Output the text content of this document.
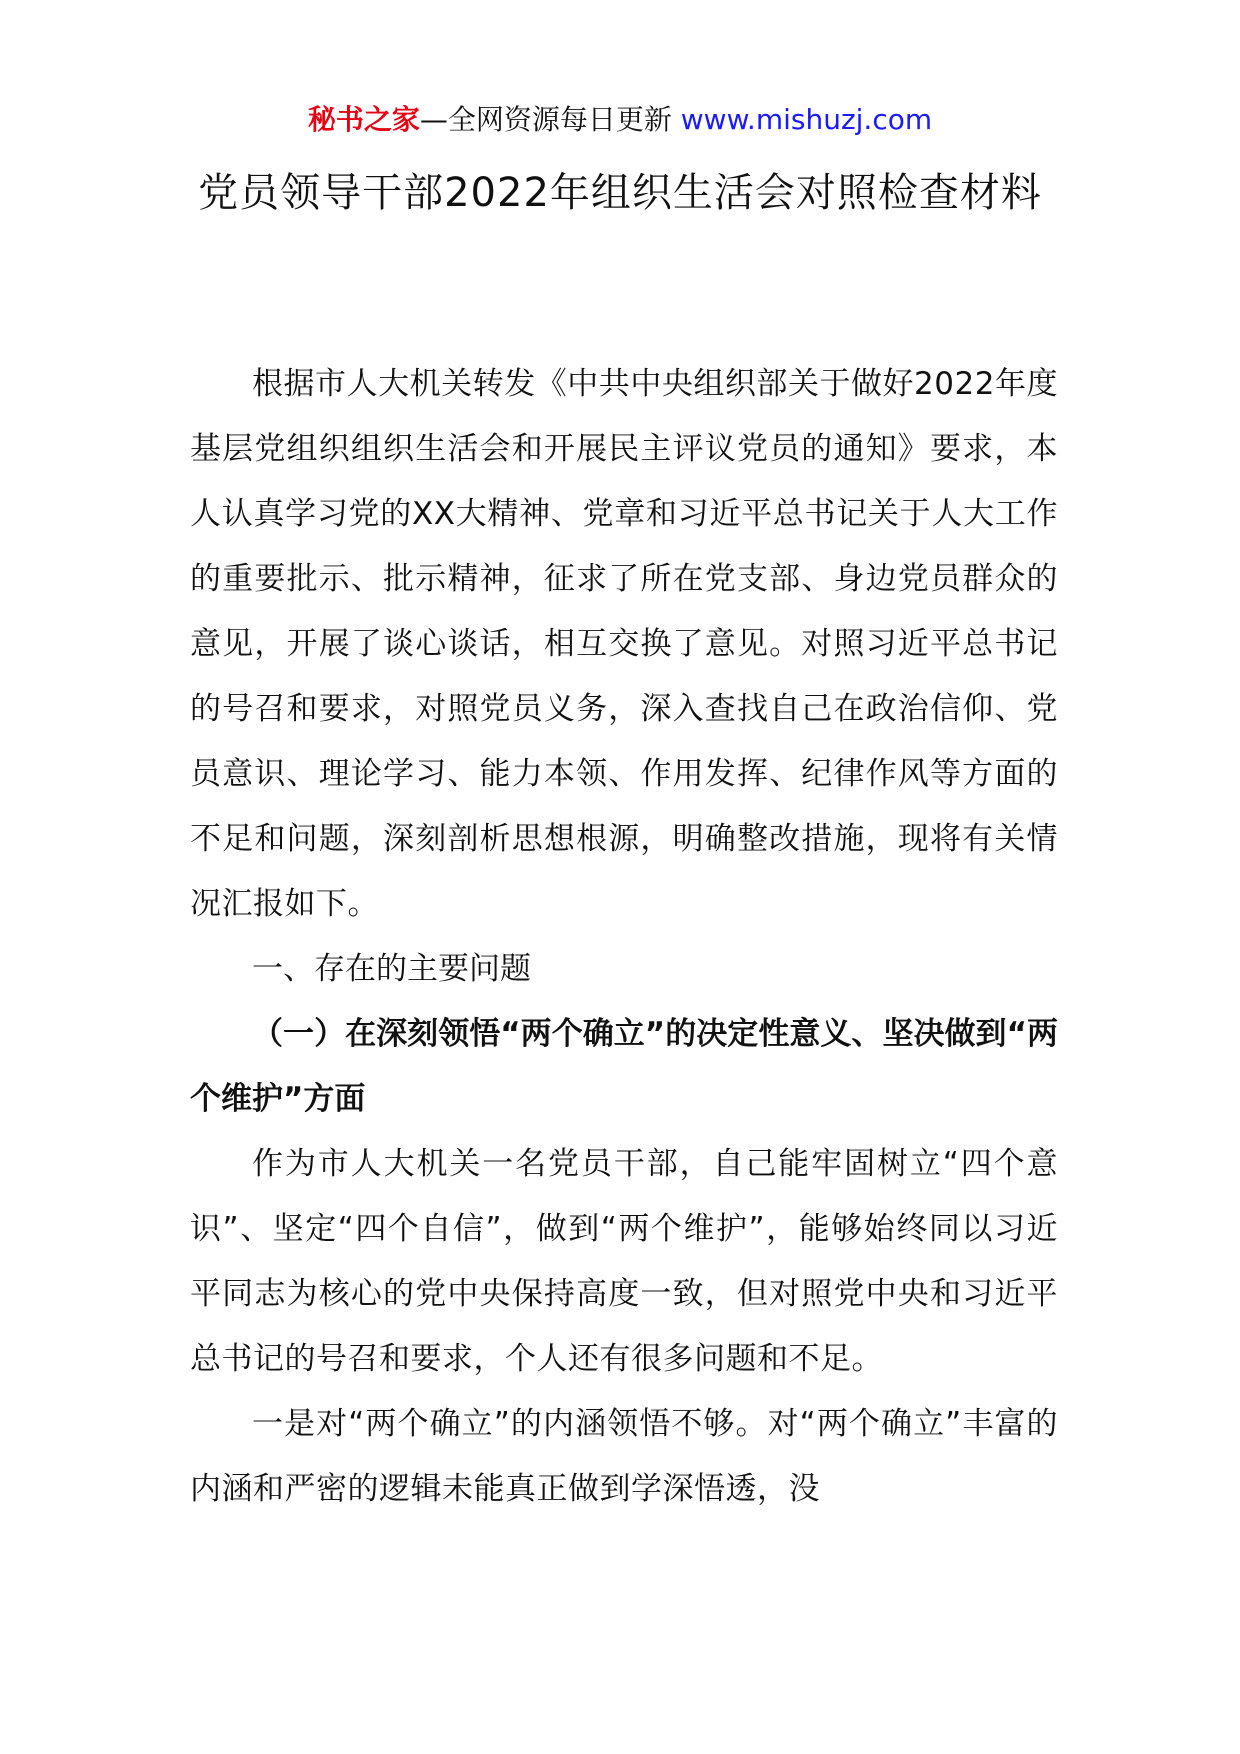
秘书之家—全网资源每日更新 www.mishuzj.com
党员领导干部2022年组织生活会对照检查材料

根据市人大机关转发《中共中央组织部关于做好2022年度基层党组织组织生活会和开展民主评议党员的通知》要求，本人认真学习党的XX大精神、党章和习近平总书记关于人大工作的重要批示、批示精神，征求了所在党支部、身边党员群众的意见，开展了谈心谈话，相互交换了意见。对照习近平总书记的号召和要求，对照党员义务，深入查找自己在政治信仰、党员意识、理论学习、能力本领、作用发挥、纪律作风等方面的不足和问题，深刻剖析思想根源，明确整改措施，现将有关情况汇报如下。

一、存在的主要问题

（一）在深刻领悟“两个确立”的决定性意义、坚决做到“两个维护”方面

作为市人大机关一名党员干部，自己能牢固树立“四个意识”、坚定“四个自信”，做到“两个维护”，能够始终同以习近平同志为核心的党中央保持高度一致，但对照党中央和习近平总书记的号召和要求，个人还有很多问题和不足。

一是对“两个确立”的内涵领悟不够。对“两个确立”丰富的内涵和严密的逻辑未能真正做到学深悟透，没
